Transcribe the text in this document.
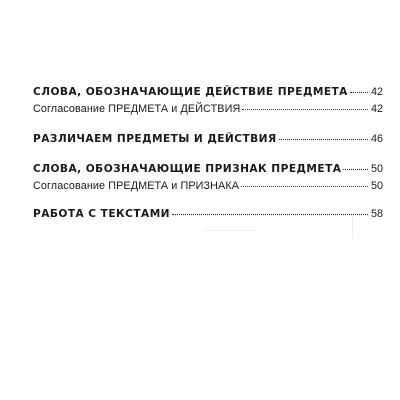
СЛОВА, ОБОЗНАЧАЮЩИЕ ДЕЙСТВИЕ ПРЕДМЕТА 42
Согласование ПРЕДМЕТА и ДЕЙСТВИЯ	42
РАЗЛИЧАЕМ ПРЕДМЕТЫ И ДЕЙСТВИЯ	46
СЛОВА, ОБОЗНАЧАЮЩИЕ ПРИЗНАК ПРЕДМЕТА	50
Согласование ПРЕДМЕТА и ПРИЗНАКА	50
РАБОТА С ТЕКСТАМИ	58
